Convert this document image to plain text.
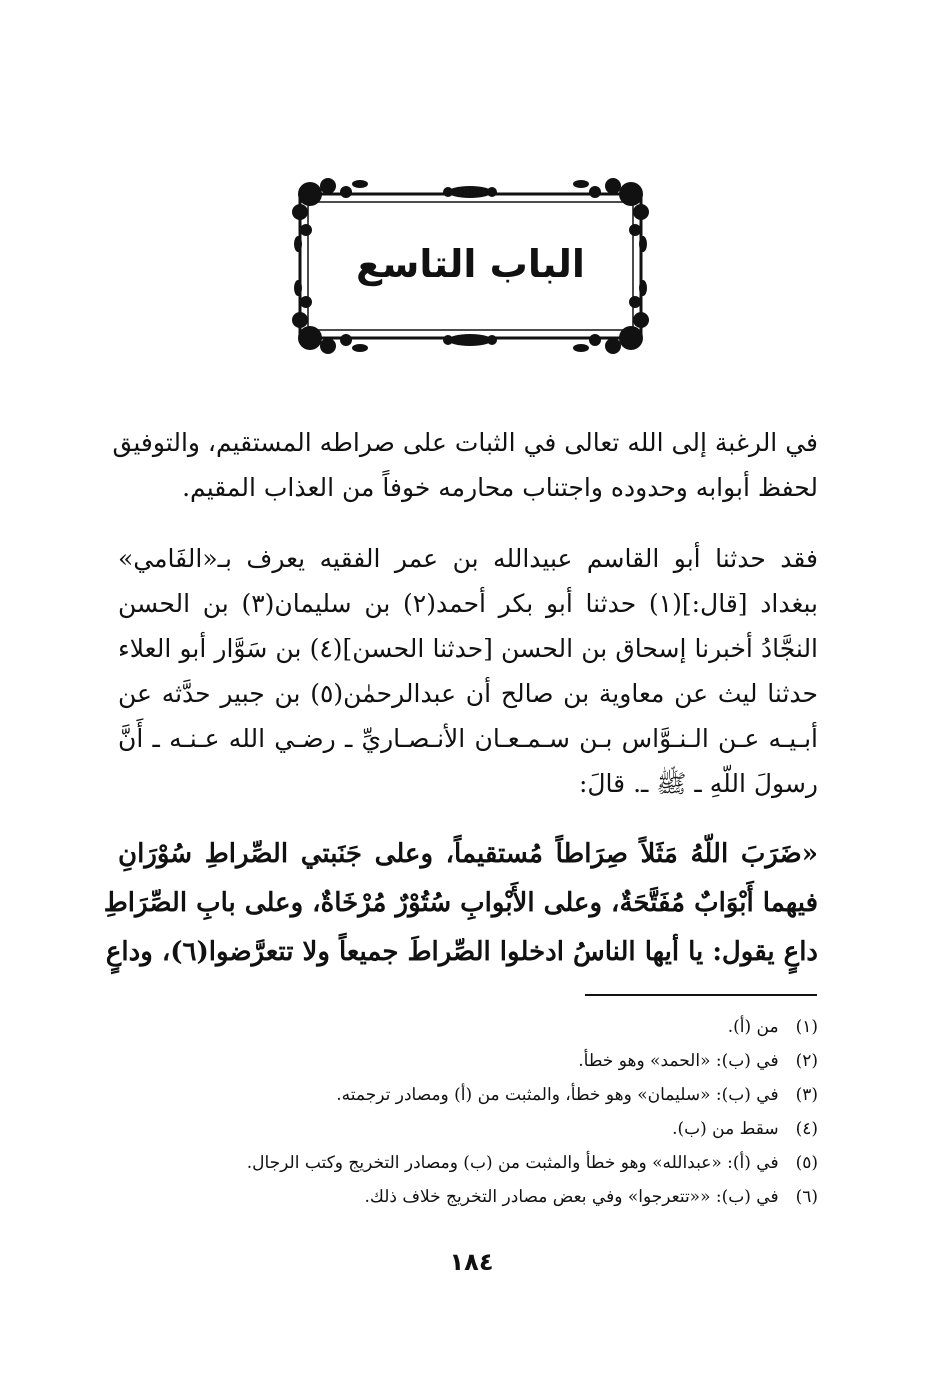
الباب التاسع
في الرغبة إلى الله تعالى في الثبات على صراطه المستقيم، والتوفيق
لحفظ أبوابه وحدوده واجتناب محارمه خوفاً من العذاب المقيم.
فقد حدثنا أبو القاسم عبيدالله بن عمر الفقيه يعرف بـ«الفَامي»
ببغداد [قال:](١) حدثنا أبو بكر أحمد(٢) بن سليمان(٣) بن الحسن
النجَّادُ أخبرنا إسحاق بن الحسن [حدثنا الحسن](٤) بن سَوَّار أبو العلاء
حدثنا ليث عن معاوية بن صالح أن عبدالرحمٰن(٥) بن جبير حدَّثه عن
أبـيـه عـن الـنـوَّاس بـن سـمـعـان الأنـصـاريِّ ـ رضـي الله عـنـه ـ أَنَّ
رسولَ اللّهِ ـ ﷺ ـ. قالَ:
«ضَرَبَ اللّهُ مَثَلاً صِرَاطاً مُستقيماً، وعلى جَنَبتي الصِّراطِ سُوْرَانِ
فيهما أَبْوَابٌ مُفَتَّحَةٌ، وعلى الأَبْوابِ سُتُوْرٌ مُرْخَاةٌ، وعلى بابِ الصِّرَاطِ
داعٍ يقول: يا أيها الناسُ ادخلوا الصِّراطَ جميعاً ولا تتعرَّضوا(٦)، وداعٍ
(١) من (أ).
(٢) في (ب): «الحمد» وهو خطأ.
(٣) في (ب): «سليمان» وهو خطأ، والمثبت من (أ) ومصادر ترجمته.
(٤) سقط من (ب).
(٥) في (أ): «عبدالله» وهو خطأ والمثبت من (ب) ومصادر التخريج وكتب الرجال.
(٦) في (ب): ««تتعرجوا» وفي بعض مصادر التخريج خلاف ذلك.
١٨٤
